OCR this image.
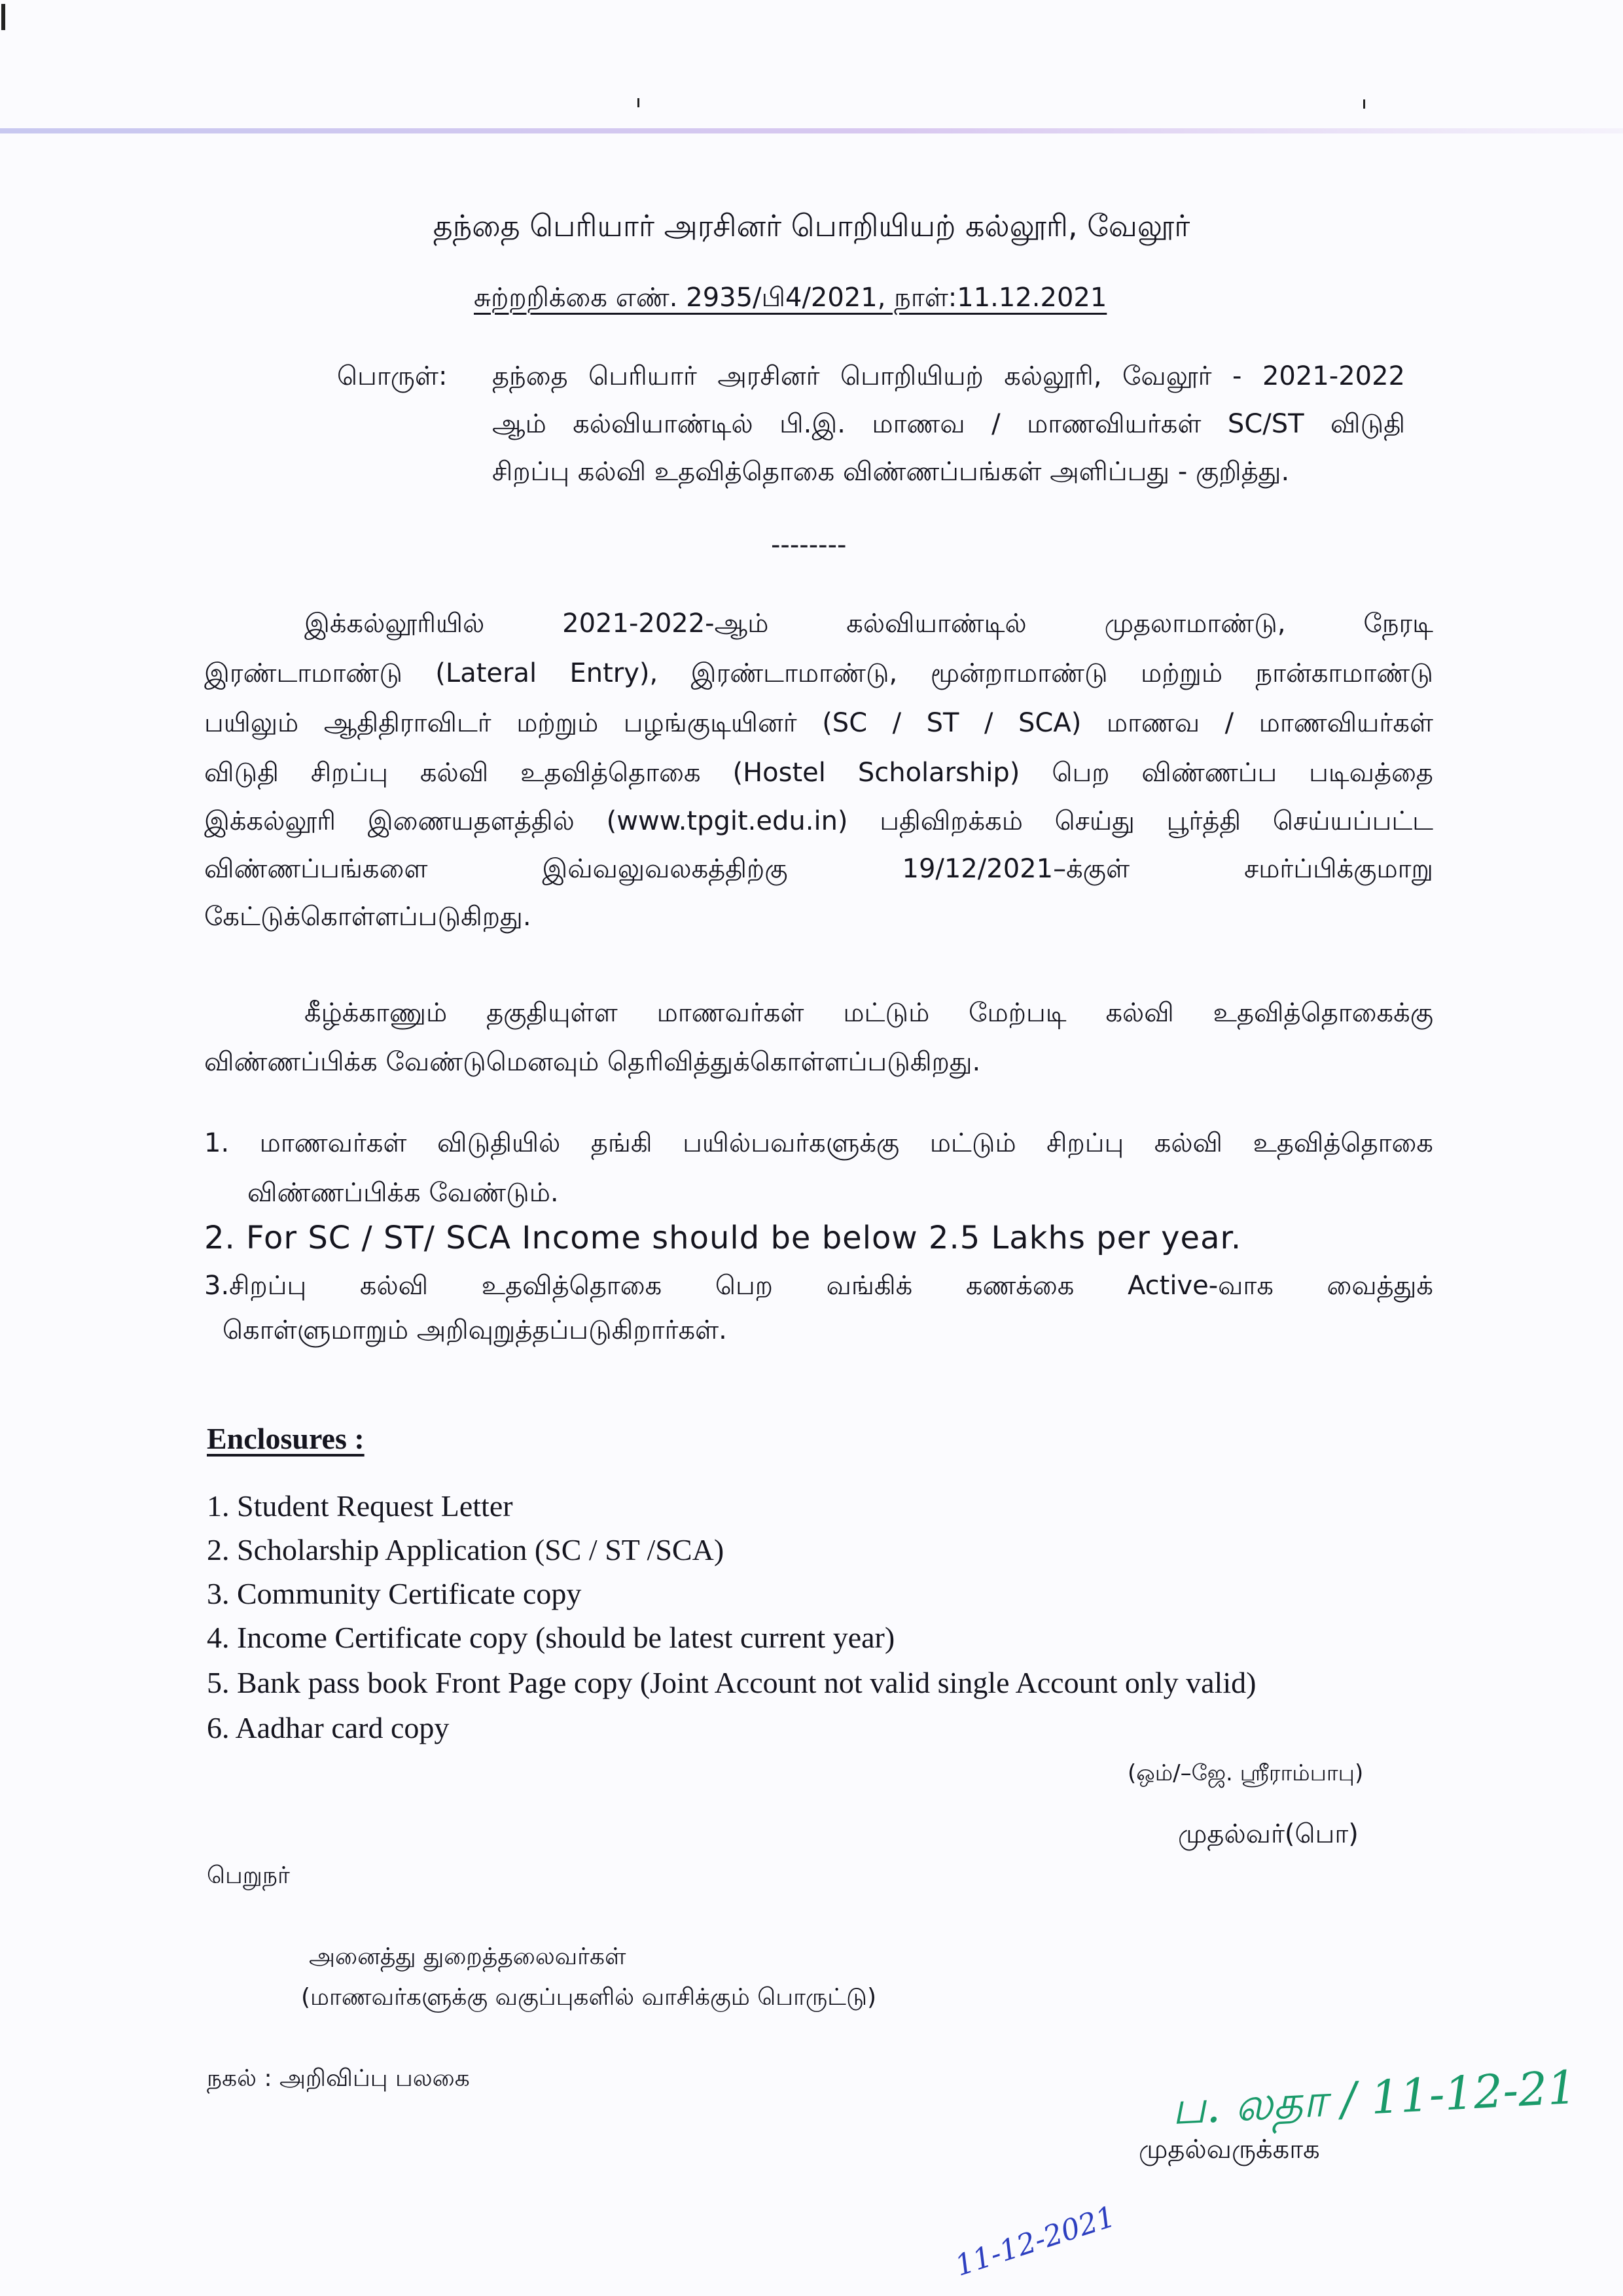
தந்தை பெரியார் அரசினர் பொறியியற் கல்லூரி, வேலூர்
சுற்றறிக்கை எண். 2935/பி4/2021, நாள்:11.12.2021
பொருள்: தந்தை பெரியார் அரசினர் பொறியியற் கல்லூரி, வேலூர் - 2021-2022
ஆம் கல்வியாண்டில் பி.இ. மாணவ / மாணவியர்கள் SC/ST விடுதி
சிறப்பு கல்வி உதவித்தொகை விண்ணப்பங்கள் அளிப்பது - குறித்து.
--------
இக்கல்லூரியில் 2021-2022-ஆம் கல்வியாண்டில் முதலாமாண்டு, நேரடி
இரண்டாமாண்டு (Lateral Entry), இரண்டாமாண்டு, மூன்றாமாண்டு மற்றும் நான்காமாண்டு
பயிலும் ஆதிதிராவிடர் மற்றும் பழங்குடியினர் (SC / ST / SCA) மாணவ / மாணவியர்கள்
விடுதி சிறப்பு கல்வி உதவித்தொகை (Hostel Scholarship) பெற விண்ணப்ப படிவத்தை
இக்கல்லூரி இணையதளத்தில் (www.tpgit.edu.in) பதிவிறக்கம் செய்து பூர்த்தி செய்யப்பட்ட
விண்ணப்பங்களை இவ்வலுவலகத்திற்கு 19/12/2021–க்குள் சமர்ப்பிக்குமாறு
கேட்டுக்கொள்ளப்படுகிறது.
கீழ்க்காணும் தகுதியுள்ள மாணவர்கள் மட்டும் மேற்படி கல்வி உதவித்தொகைக்கு
விண்ணப்பிக்க வேண்டுமெனவும் தெரிவித்துக்கொள்ளப்படுகிறது.
1. மாணவர்கள் விடுதியில் தங்கி பயில்பவர்களுக்கு மட்டும் சிறப்பு கல்வி உதவித்தொகை
விண்ணப்பிக்க வேண்டும்.
2. For SC / ST/ SCA Income should be below 2.5 Lakhs per year.
3.சிறப்பு கல்வி உதவித்தொகை பெற வங்கிக் கணக்கை Active-வாக வைத்துக்
கொள்ளுமாறும் அறிவுறுத்தப்படுகிறார்கள்.
Enclosures :
1. Student Request Letter
2. Scholarship Application (SC / ST /SCA)
3. Community Certificate copy
4. Income Certificate copy (should be latest current year)
5. Bank pass book Front Page copy (Joint Account not valid single Account only valid)
6. Aadhar card copy
(ஒம்/–ஜே. ஸ்ரீராம்பாபு)
முதல்வர்(பொ)
பெறுநர்
அனைத்து துறைத்தலைவர்கள்
(மாணவர்களுக்கு வகுப்புகளில் வாசிக்கும் பொருட்டு)
நகல் : அறிவிப்பு பலகை	ப. லதா / 11-12-21
முதல்வருக்காக
11-12-2021
